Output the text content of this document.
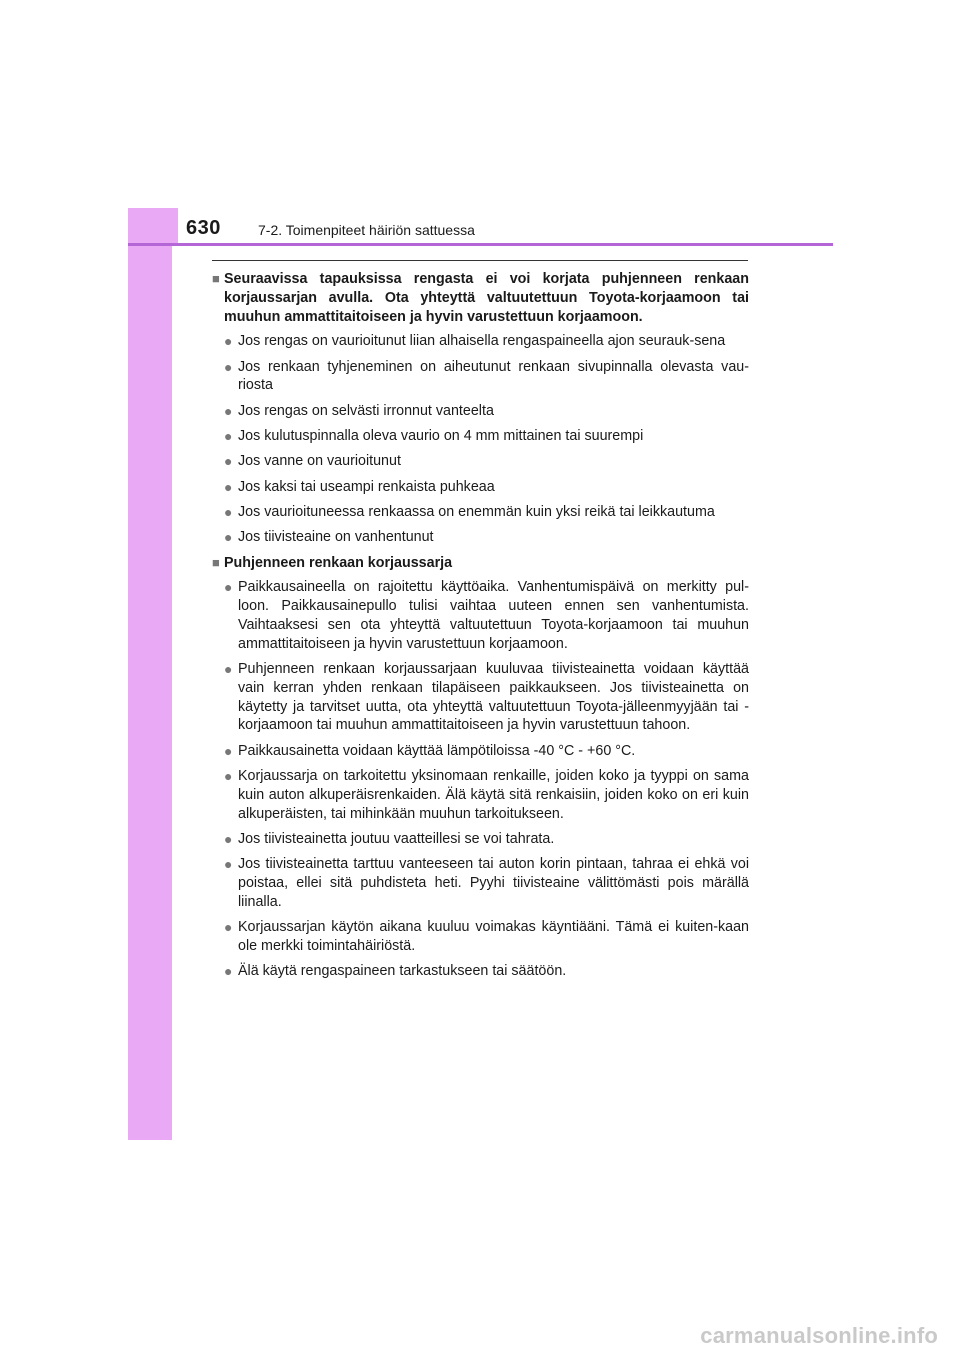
630	7-2. Toimenpiteet häiriön sattuessa
■ Seuraavissa tapauksissa rengasta ei voi korjata puhjenneen renkaan korjaussarjan avulla. Ota yhteyttä valtuutettuun Toyota-korjaamoon tai muuhun ammattitaitoiseen ja hyvin varustettuun korjaamoon.
● Jos rengas on vaurioitunut liian alhaisella rengaspaineella ajon seurauk-sena
● Jos renkaan tyhjeneminen on aiheutunut renkaan sivupinnalla olevasta vau-riosta
● Jos rengas on selvästi irronnut vanteelta
● Jos kulutuspinnalla oleva vaurio on 4 mm mittainen tai suurempi
● Jos vanne on vaurioitunut
● Jos kaksi tai useampi renkaista puhkeaa
● Jos vaurioituneessa renkaassa on enemmän kuin yksi reikä tai leikkautuma
● Jos tiivisteaine on vanhentunut
■ Puhjenneen renkaan korjaussarja
● Paikkausaineella on rajoitettu käyttöaika. Vanhentumispäivä on merkitty pul-loon. Paikkausainepullo tulisi vaihtaa uuteen ennen sen vanhentumista. Vaihtaaksesi sen ota yhteyttä valtuutettuun Toyota-korjaamoon tai muuhun ammattitaitoiseen ja hyvin varustettuun korjaamoon.
● Puhjenneen renkaan korjaussarjaan kuuluvaa tiivisteainetta voidaan käyttää vain kerran yhden renkaan tilapäiseen paikkaukseen. Jos tiivisteainetta on käytetty ja tarvitset uutta, ota yhteyttä valtuutettuun Toyota-jälleenmyyjään tai -korjaamoon tai muuhun ammattitaitoiseen ja hyvin varustettuun tahoon.
● Paikkausainetta voidaan käyttää lämpötiloissa -40 °C - +60 °C.
● Korjaussarja on tarkoitettu yksinomaan renkaille, joiden koko ja tyyppi on sama kuin auton alkuperäisrenkaiden. Älä käytä sitä renkaisiin, joiden koko on eri kuin alkuperäisten, tai mihinkään muuhun tarkoitukseen.
● Jos tiivisteainetta joutuu vaatteillesi se voi tahrata.
● Jos tiivisteainetta tarttuu vanteeseen tai auton korin pintaan, tahraa ei ehkä voi poistaa, ellei sitä puhdisteta heti. Pyyhi tiivisteaine välittömästi pois märällä liinalla.
● Korjaussarjan käytön aikana kuuluu voimakas käyntiääni. Tämä ei kuiten-kaan ole merkki toimintahäiriöstä.
● Älä käytä rengaspaineen tarkastukseen tai säätöön.
carmanualsonline.info
